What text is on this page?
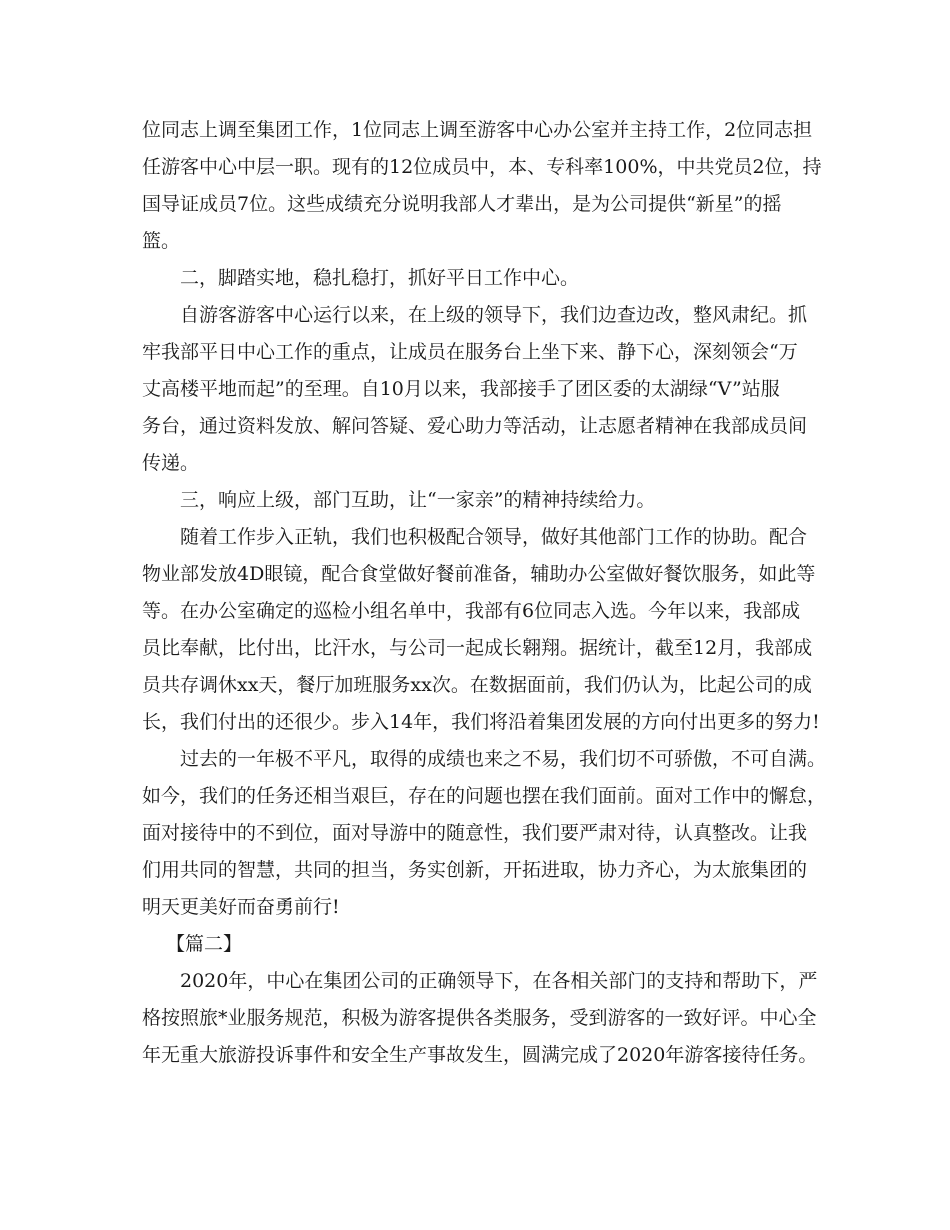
位同志上调至集团工作，1位同志上调至游客中心办公室并主持工作，2位同志担
任游客中心中层一职。现有的12位成员中，本、专科率100%，中共党员2位，持
国导证成员7位。这些成绩充分说明我部人才辈出，是为公司提供“新星”的摇
篮。
二，脚踏实地，稳扎稳打，抓好平日工作中心。
自游客游客中心运行以来，在上级的领导下，我们边查边改，整风肃纪。抓
牢我部平日中心工作的重点，让成员在服务台上坐下来、静下心，深刻领会“万
丈高楼平地而起”的至理。自10月以来，我部接手了团区委的太湖绿“V”站服
务台，通过资料发放、解问答疑、爱心助力等活动，让志愿者精神在我部成员间
传递。
三，响应上级，部门互助，让“一家亲”的精神持续给力。
随着工作步入正轨，我们也积极配合领导，做好其他部门工作的协助。配合
物业部发放4D眼镜，配合食堂做好餐前准备，辅助办公室做好餐饮服务，如此等
等。在办公室确定的巡检小组名单中，我部有6位同志入选。今年以来，我部成
员比奉献，比付出，比汗水，与公司一起成长翱翔。据统计，截至12月，我部成
员共存调休xx天，餐厅加班服务xx次。在数据面前，我们仍认为，比起公司的成
长，我们付出的还很少。步入14年，我们将沿着集团发展的方向付出更多的努力!
过去的一年极不平凡，取得的成绩也来之不易，我们切不可骄傲，不可自满。
如今，我们的任务还相当艰巨，存在的问题也摆在我们面前。面对工作中的懈怠，
面对接待中的不到位，面对导游中的随意性，我们要严肃对待，认真整改。让我
们用共同的智慧，共同的担当，务实创新，开拓进取，协力齐心，为太旅集团的
明天更美好而奋勇前行!
【篇二】
2020年，中心在集团公司的正确领导下，在各相关部门的支持和帮助下，严
格按照旅*业服务规范，积极为游客提供各类服务，受到游客的一致好评。中心全
年无重大旅游投诉事件和安全生产事故发生，圆满完成了2020年游客接待任务。
